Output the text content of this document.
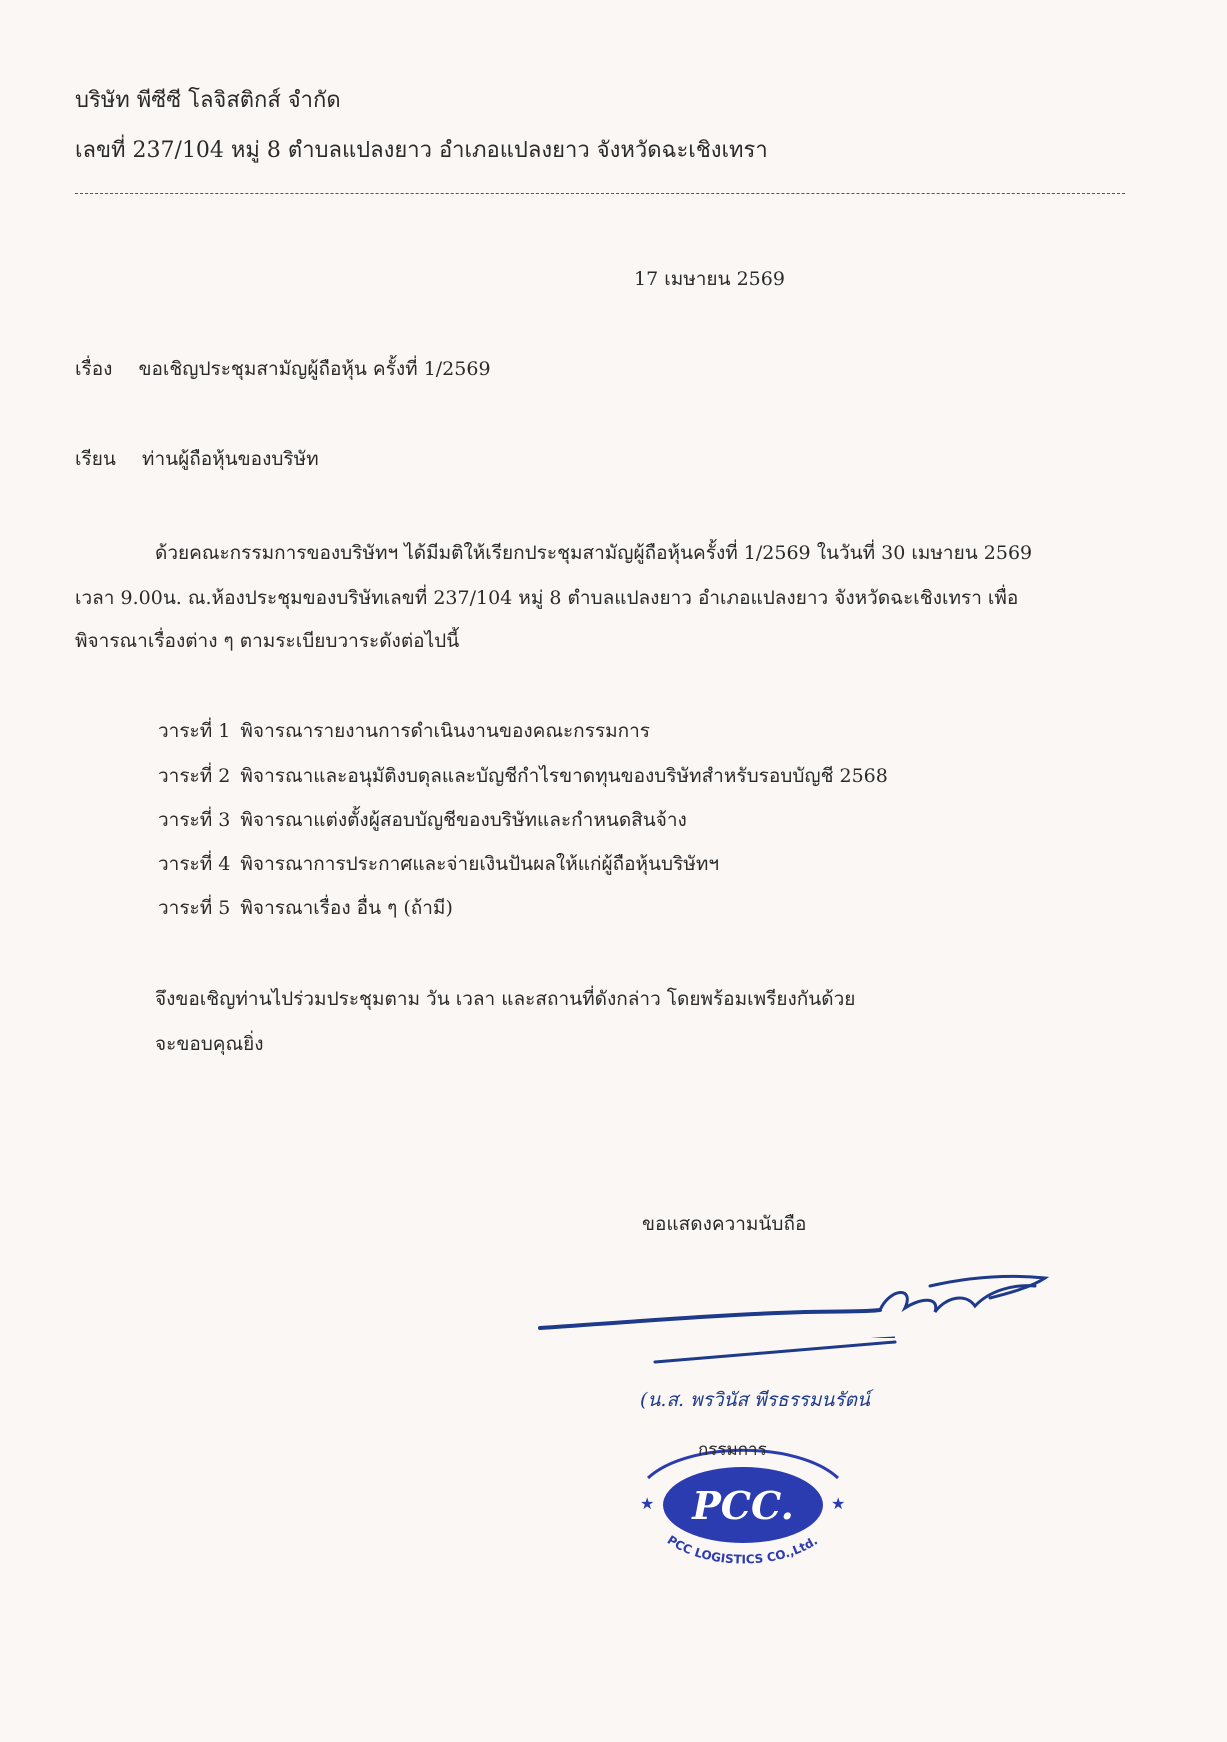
บริษัท พีซีซี โลจิสติกส์ จำกัด
เลขที่ 237/104 หมู่ 8 ตำบลแปลงยาว อำเภอแปลงยาว จังหวัดฉะเชิงเทรา
17 เมษายน 2569
เรื่อง ขอเชิญประชุมสามัญผู้ถือหุ้น ครั้งที่ 1/2569
เรียน ท่านผู้ถือหุ้นของบริษัท
ด้วยคณะกรรมการของบริษัทฯ ได้มีมติให้เรียกประชุมสามัญผู้ถือหุ้นครั้งที่ 1/2569 ในวันที่ 30 เมษายน 2569
เวลา 9.00น. ณ.ห้องประชุมของบริษัทเลขที่ 237/104 หมู่ 8 ตำบลแปลงยาว อำเภอแปลงยาว จังหวัดฉะเชิงเทรา เพื่อ
พิจารณาเรื่องต่าง ๆ ตามระเบียบวาระดังต่อไปนี้
วาระที่ 1 พิจารณารายงานการดำเนินงานของคณะกรรมการ
วาระที่ 2 พิจารณาและอนุมัติงบดุลและบัญชีกำไรขาดทุนของบริษัทสำหรับรอบบัญชี 2568
วาระที่ 3 พิจารณาแต่งตั้งผู้สอบบัญชีของบริษัทและกำหนดสินจ้าง
วาระที่ 4 พิจารณาการประกาศและจ่ายเงินปันผลให้แก่ผู้ถือหุ้นบริษัทฯ
วาระที่ 5 พิจารณาเรื่อง อื่น ๆ (ถ้ามี)
จึงขอเชิญท่านไปร่วมประชุมตาม วัน เวลา และสถานที่ดังกล่าว โดยพร้อมเพรียงกันด้วย
จะขอบคุณยิ่ง
ขอแสดงความนับถือ
(น.ส. พรวินัส พีรธรรมนรัตน์
PCC.
★	★
PCC LOGISTICS CO.,Ltd.
กรรมการ
